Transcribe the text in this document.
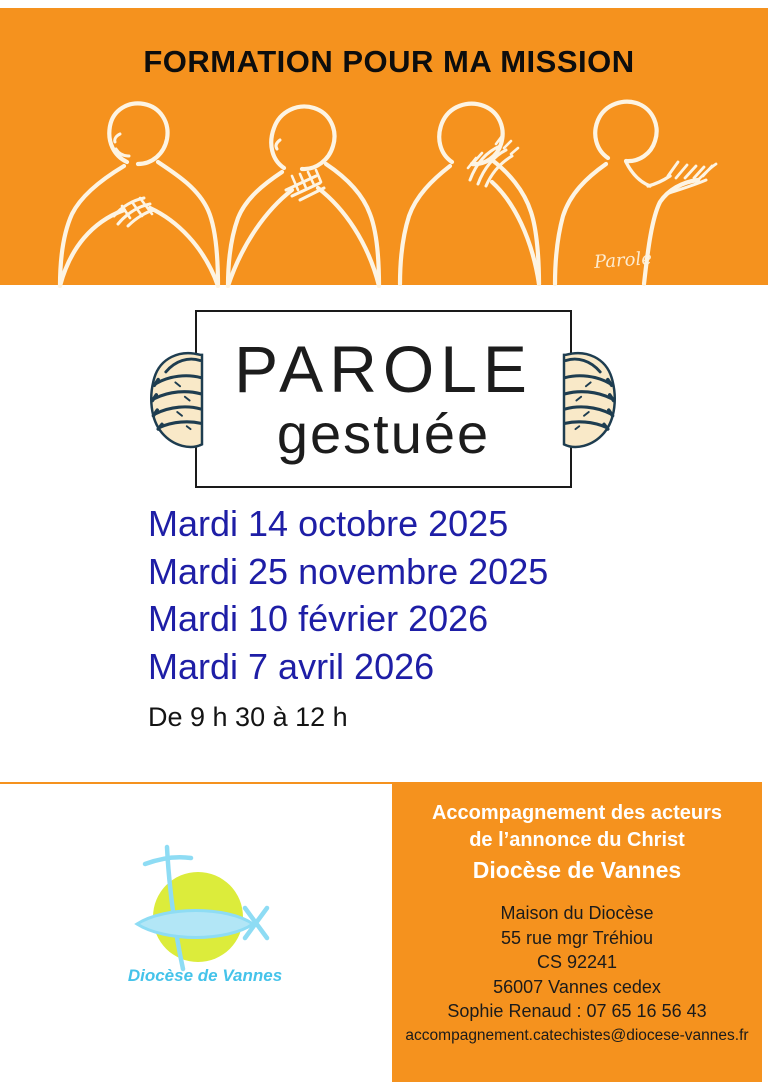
FORMATION POUR MA MISSION
Parole
PAROLE
gestuée
Mardi 14 octobre 2025
Mardi 25 novembre 2025
Mardi 10 février 2026
Mardi 7 avril 2026
De 9 h 30 à 12 h
Diocèse de Vannes
Accompagnement des acteurs
de l’annonce du Christ
Diocèse de Vannes
Maison du Diocèse
55 rue mgr Tréhiou
CS 92241
56007 Vannes cedex
Sophie Renaud : 07 65 16 56 43
accompagnement.catechistes@diocese-vannes.fr
